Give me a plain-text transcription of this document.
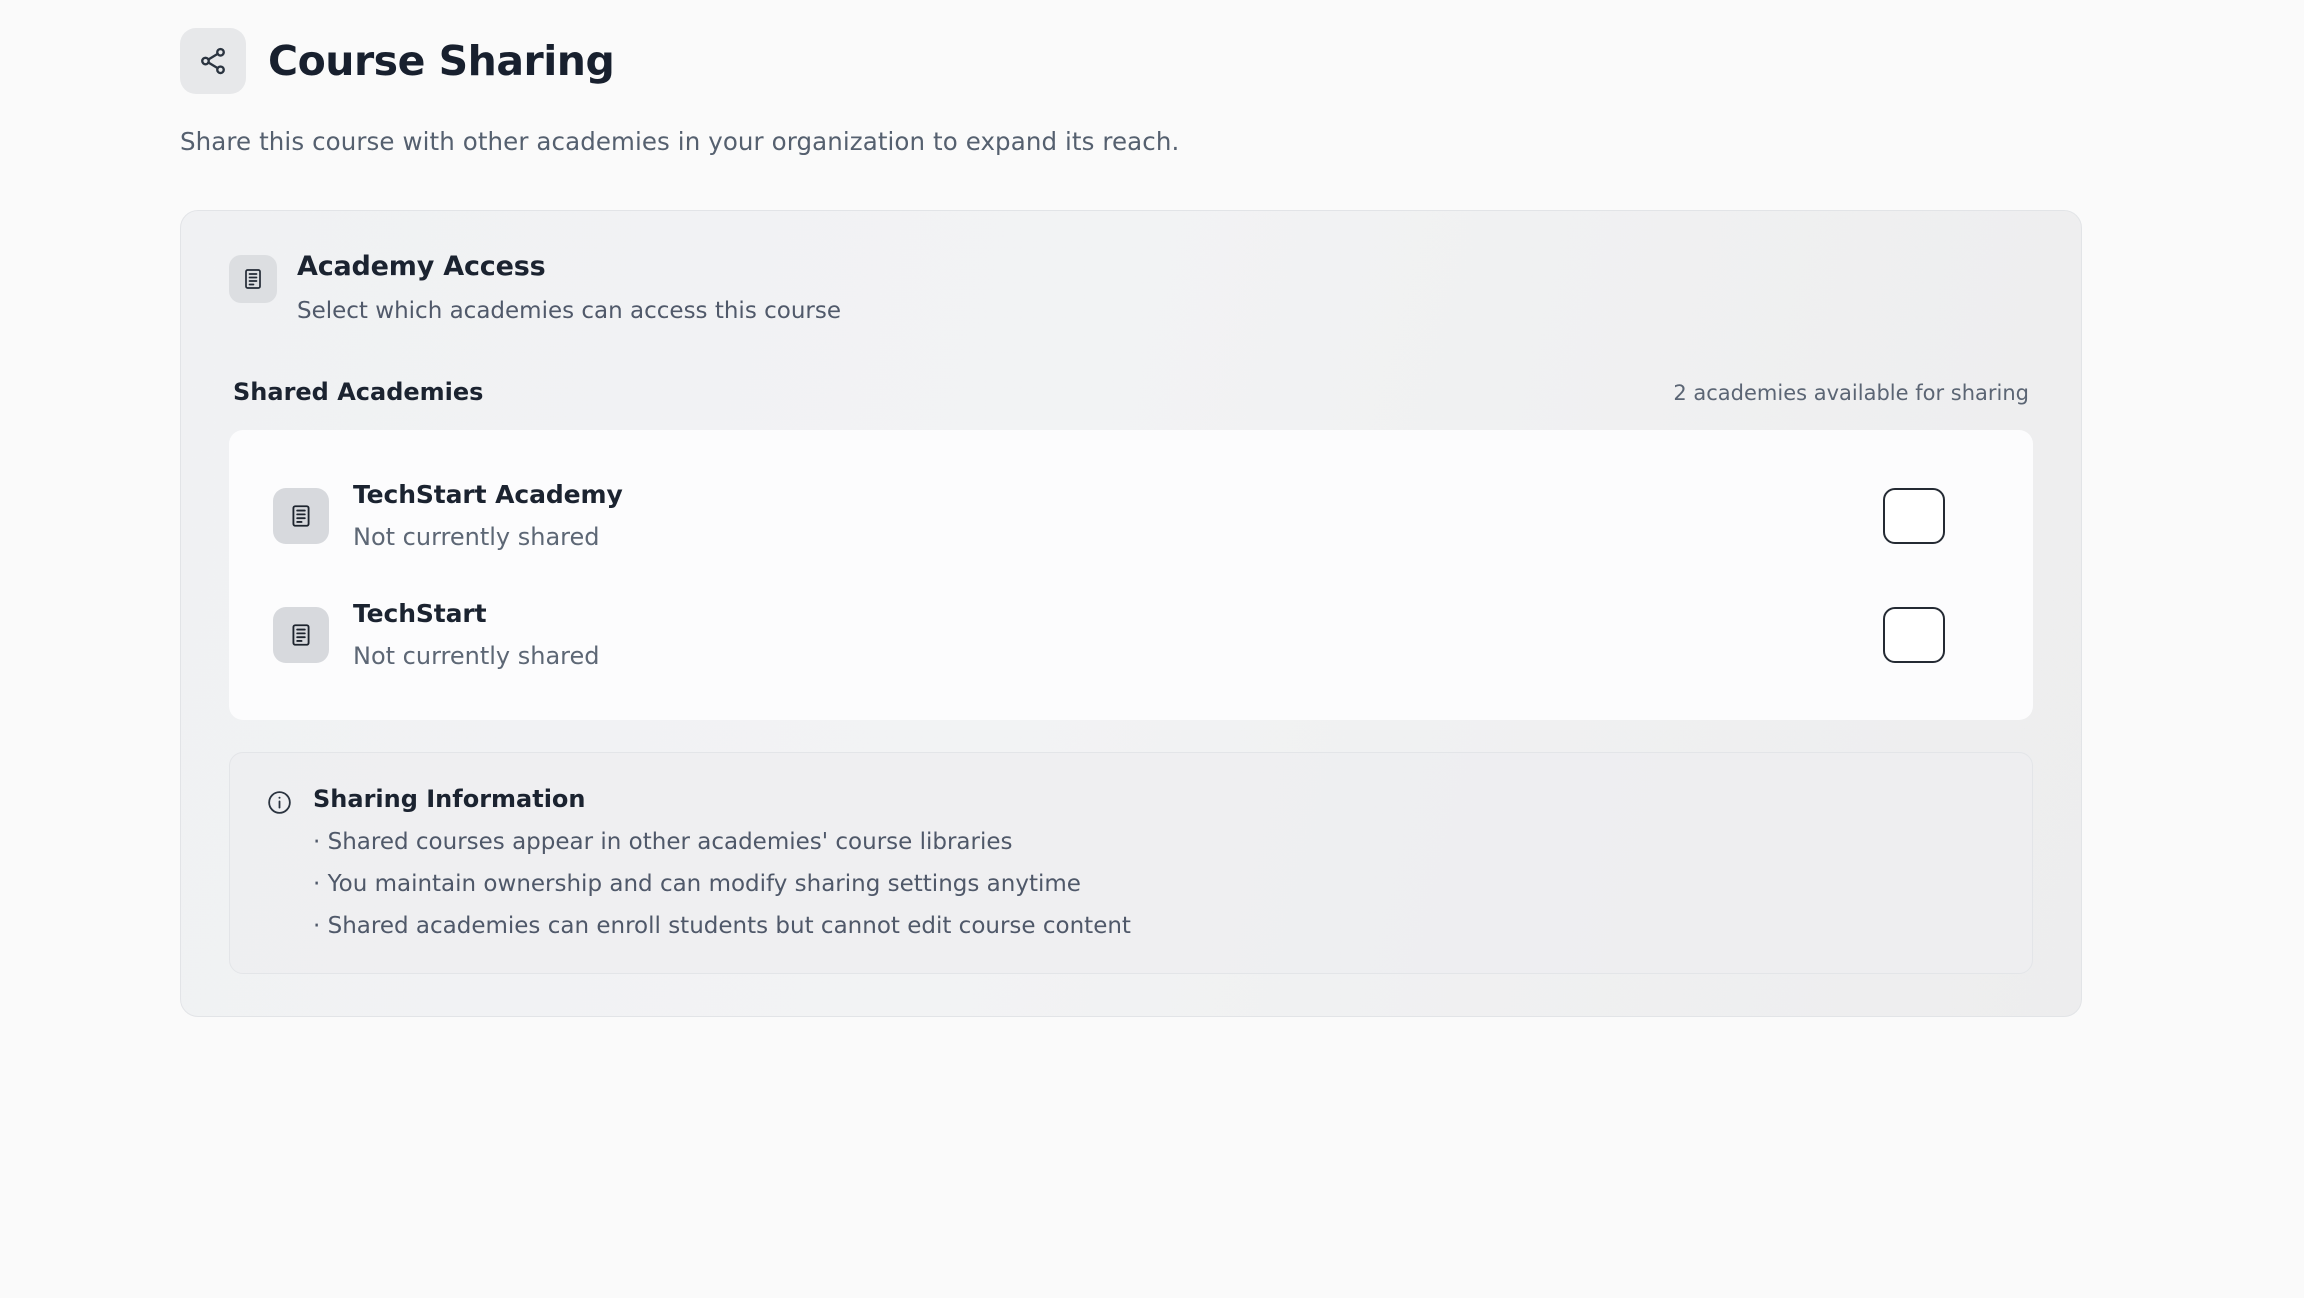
Course Sharing
Share this course with other academies in your organization to expand its reach.
Academy Access
Select which academies can access this course
Shared Academies	2 academies available for sharing
TechStart Academy
Not currently shared
TechStart
Not currently shared
Sharing Information
· Shared courses appear in other academies' course libraries
· You maintain ownership and can modify sharing settings anytime
· Shared academies can enroll students but cannot edit course content
